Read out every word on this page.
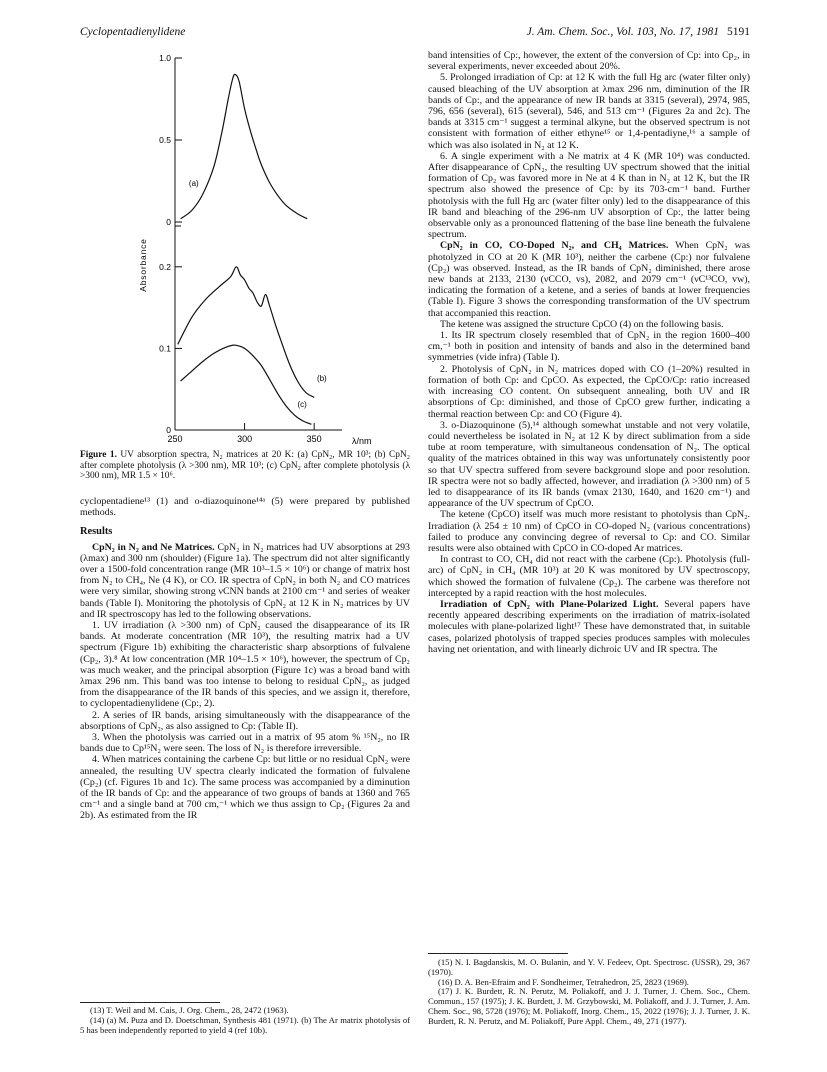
Cyclopentadienylidene	J. Am. Chem. Soc., Vol. 103, No. 17, 1981 5191
Absorbance
λ/nm
1.0
0.5
0
0.2
0.1
0
250	300	350
(a)
(b)
(c)
Figure 1. UV absorption spectra, N₂ matrices at 20 K: (a) CpN₂, MR 10³; (b) CpN₂ after complete photolysis (λ >300 nm), MR 10³; (c) CpN₂ after complete photolysis (λ >300 nm), MR 1.5 × 10⁶.

cyclopentadiene¹³ (1) and o-diazoquinone¹⁴ᵃ (5) were prepared by published methods.

Results

CpN₂ in N₂ and Ne Matrices. CpN₂ in N₂ matrices had UV absorptions at 293 (λmax) and 300 nm (shoulder) (Figure 1a). The spectrum did not alter significantly over a 1500-fold concentration range (MR 10³–1.5 × 10⁶) or change of matrix host from N₂ to CH₄, Ne (4 K), or CO. IR spectra of CpN₂ in both N₂ and CO matrices were very similar, showing strong νCNN bands at 2100 cm⁻¹ and series of weaker bands (Table I). Monitoring the photolysis of CpN₂ at 12 K in N₂ matrices by UV and IR spectroscopy has led to the following observations.

1. UV irradiation (λ >300 nm) of CpN₂ caused the disappearance of its IR bands. At moderate concentration (MR 10³), the resulting matrix had a UV spectrum (Figure 1b) exhibiting the characteristic sharp absorptions of fulvalene (Cp₂, 3).⁸ At low concentration (MR 10⁴–1.5 × 10⁶), however, the spectrum of Cp₂ was much weaker, and the principal absorption (Figure 1c) was a broad band with λmax 296 nm. This band was too intense to belong to residual CpN₂, as judged from the disappearance of the IR bands of this species, and we assign it, therefore, to cyclopentadienylidene (Cp:, 2).

2. A series of IR bands, arising simultaneously with the disappearance of the absorptions of CpN₂, as also assigned to Cp: (Table II).

3. When the photolysis was carried out in a matrix of 95 atom % ¹⁵N₂, no IR bands due to Cp¹⁵N₂ were seen. The loss of N₂ is therefore irreversible.

4. When matrices containing the carbene Cp: but little or no residual CpN₂ were annealed, the resulting UV spectra clearly indicated the formation of fulvalene (Cp₂) (cf. Figures 1b and 1c). The same process was accompanied by a diminution of the IR bands of Cp: and the appearance of two groups of bands at 1360 and 765 cm⁻¹ and a single band at 700 cm,⁻¹ which we thus assign to Cp₂ (Figures 2a and 2b). As estimated from the IR

(13) T. Weil and M. Cais, J. Org. Chem., 28, 2472 (1963).

(14) (a) M. Puza and D. Doetschman, Synthesis 481 (1971). (b) The Ar matrix photolysis of 5 has been independently reported to yield 4 (ref 10b).

band intensities of Cp:, however, the extent of the conversion of Cp: into Cp₂, in several experiments, never exceeded about 20%.

5. Prolonged irradiation of Cp: at 12 K with the full Hg arc (water filter only) caused bleaching of the UV absorption at λmax 296 nm, diminution of the IR bands of Cp:, and the appearance of new IR bands at 3315 (several), 2974, 985, 796, 656 (several), 615 (several), 546, and 513 cm⁻¹ (Figures 2a and 2c). The bands at 3315 cm⁻¹ suggest a terminal alkyne, but the observed spectrum is not consistent with formation of either ethyne¹⁵ or 1,4-pentadiyne,¹⁶ a sample of which was also isolated in N₂ at 12 K.

6. A single experiment with a Ne matrix at 4 K (MR 10⁴) was conducted. After disappearance of CpN₂, the resulting UV spectrum showed that the initial formation of Cp₂ was favored more in Ne at 4 K than in N₂ at 12 K, but the IR spectrum also showed the presence of Cp: by its 703-cm⁻¹ band. Further photolysis with the full Hg arc (water filter only) led to the disappearance of this IR band and bleaching of the 296-nm UV absorption of Cp:, the latter being observable only as a pronounced flattening of the base line beneath the fulvalene spectrum.

CpN₂ in CO, CO-Doped N₂, and CH₄ Matrices. When CpN₂ was photolyzed in CO at 20 K (MR 10³), neither the carbene (Cp:) nor fulvalene (Cp₂) was observed. Instead, as the IR bands of CpN₂ diminished, there arose new bands at 2133, 2130 (νCCO, vs), 2082, and 2079 cm⁻¹ (νC¹³CO, vw), indicating the formation of a ketene, and a series of bands at lower frequencies (Table I). Figure 3 shows the corresponding transformation of the UV spectrum that accompanied this reaction.

The ketene was assigned the structure CpCO (4) on the following basis.

1. Its IR spectrum closely resembled that of CpN₂ in the region 1600–400 cm,⁻¹ both in position and intensity of bands and also in the determined band symmetries (vide infra) (Table I).

2. Photolysis of CpN₂ in N₂ matrices doped with CO (1–20%) resulted in formation of both Cp: and CpCO. As expected, the CpCO/Cp: ratio increased with increasing CO content. On subsequent annealing, both UV and IR absorptions of Cp: diminished, and those of CpCO grew further, indicating a thermal reaction between Cp: and CO (Figure 4).

3. o-Diazoquinone (5),¹⁴ although somewhat unstable and not very volatile, could nevertheless be isolated in N₂ at 12 K by direct sublimation from a side tube at room temperature, with simultaneous condensation of N₂. The optical quality of the matrices obtained in this way was unfortunately consistently poor so that UV spectra suffered from severe background slope and poor resolution. IR spectra were not so badly affected, however, and irradiation (λ >300 nm) of 5 led to disappearance of its IR bands (νmax 2130, 1640, and 1620 cm⁻¹) and appearance of the UV spectrum of CpCO.

The ketene (CpCO) itself was much more resistant to photolysis than CpN₂. Irradiation (λ 254 ± 10 nm) of CpCO in CO-doped N₂ (various concentrations) failed to produce any convincing degree of reversal to Cp: and CO. Similar results were also obtained with CpCO in CO-doped Ar matrices.

In contrast to CO, CH₄ did not react with the carbene (Cp:). Photolysis (full-arc) of CpN₂ in CH₄ (MR 10³) at 20 K was monitored by UV spectroscopy, which showed the formation of fulvalene (Cp₂). The carbene was therefore not intercepted by a rapid reaction with the host molecules.

Irradiation of CpN₂ with Plane-Polarized Light. Several papers have recently appeared describing experiments on the irradiation of matrix-isolated molecules with plane-polarized light¹⁷ These have demonstrated that, in suitable cases, polarized photolysis of trapped species produces samples with molecules having net orientation, and with linearly dichroic UV and IR spectra. The

(15) N. I. Bagdanskis, M. O. Bulanin, and Y. V. Fedeev, Opt. Spectrosc. (USSR), 29, 367 (1970).

(16) D. A. Ben-Efraim and F. Sondheimer, Tetrahedron, 25, 2823 (1969).

(17) J. K. Burdett, R. N. Perutz, M. Poliakoff, and J. J. Turner, J. Chem. Soc., Chem. Commun., 157 (1975); J. K. Burdett, J. M. Grzybowski, M. Poliakoff, and J. J. Turner, J. Am. Chem. Soc., 98, 5728 (1976); M. Poliakoff, Inorg. Chem., 15, 2022 (1976); J. J. Turner, J. K. Burdett, R. N. Perutz, and M. Poliakoff, Pure Appl. Chem., 49, 271 (1977).
